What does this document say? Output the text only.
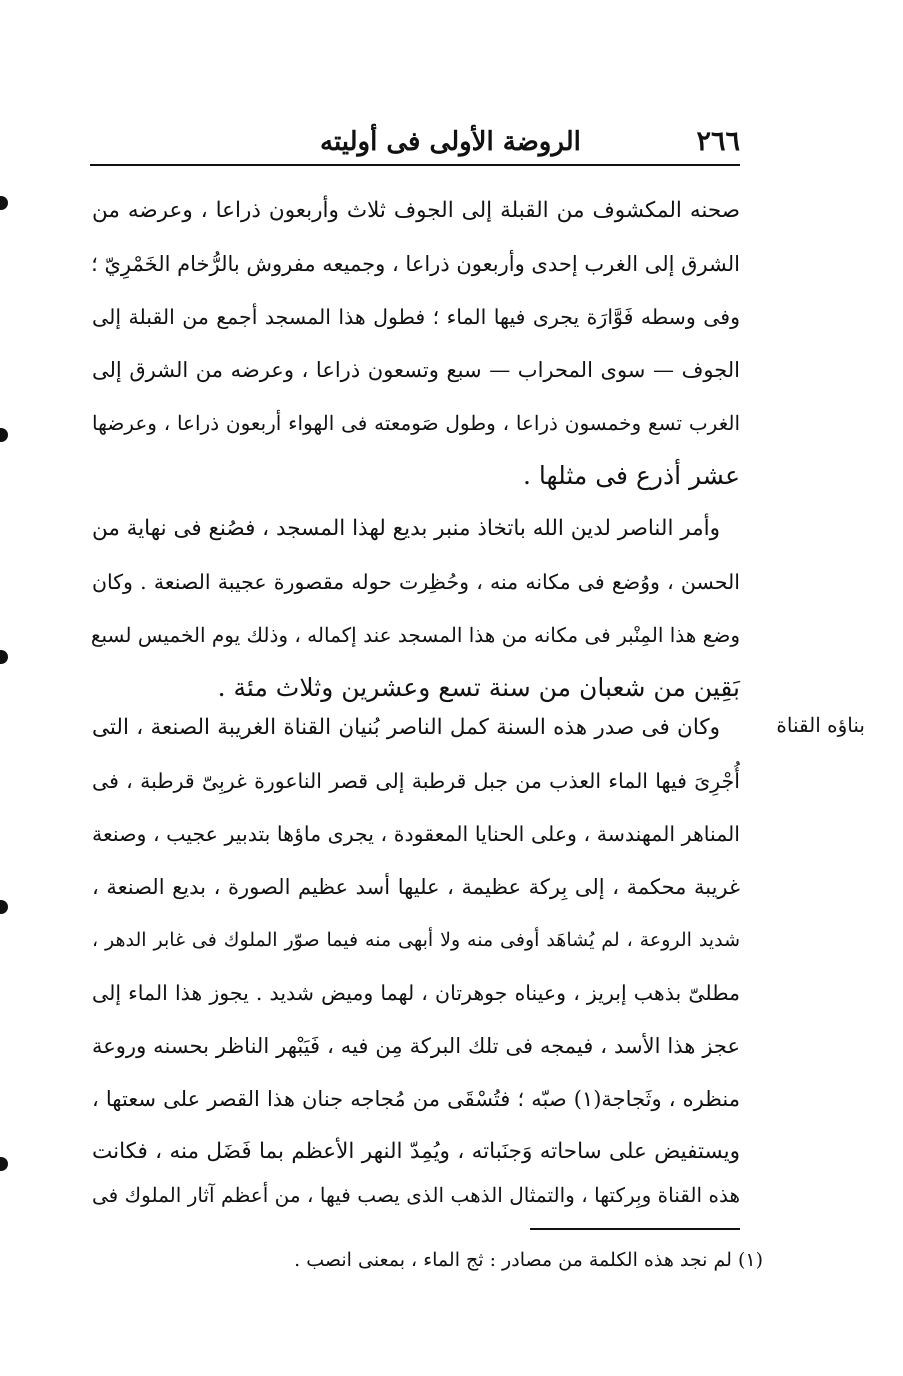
٢٦٦
الروضة الأولى فى أوليته
صحنه المكشوف من القبلة إلى الجوف ثلاث وأربعون ذراعا ، وعرضه من
الشرق إلى الغرب إحدى وأربعون ذراعا ، وجميعه مفروش بالرُّخام الخَمْرِيّ ؛
وفى وسطه فَوَّارَة يجرى فيها الماء ؛ فطول هذا المسجد أجمع من القبلة إلى
الجوف — سوى المحراب — سبع وتسعون ذراعا ، وعرضه من الشرق إلى
الغرب تسع وخمسون ذراعا ، وطول صَومعته فى الهواء أربعون ذراعا ، وعرضها
عشر أذرع فى مثلها .
وأمر الناصر لدين الله باتخاذ منبر بديع لهذا المسجد ، فصُنع فى نهاية من
الحسن ، ووُضع فى مكانه منه ، وحُظِرت حوله مقصورة عجيبة الصنعة . وكان
وضع هذا المِنْبر فى مكانه من هذا المسجد عند إكماله ، وذلك يوم الخميس لسبع
بَقِين من شعبان من سنة تسع وعشرين وثلاث مئة .
بناؤه القناة
وكان فى صدر هذه السنة كمل الناصر بُنيان القناة الغريبة الصنعة ، التى
أُجْرِىَ فيها الماء العذب من جبل قرطبة إلى قصر الناعورة غربِىّ قرطبة ، فى
المناهر المهندسة ، وعلى الحنايا المعقودة ، يجرى ماؤها بتدبير عجيب ، وصنعة
غريبة محكمة ، إلى بِركة عظيمة ، عليها أسد عظيم الصورة ، بديع الصنعة ،
شديد الروعة ، لم يُشاهَد أوفى منه ولا أبهى منه فيما صوّر الملوك فى غابر الدهر ،
مطلىّ بذهب إبريز ، وعيناه جوهرتان ، لهما وميض شديد . يجوز هذا الماء إلى
عجز هذا الأسد ، فيمجه فى تلك البركة مِن فيه ، فَيَبْهر الناظر بحسنه وروعة
منظره ، وثَجاجة(١) صبّه ؛ فتُسْقَى من مُجاجه جنان هذا القصر على سعتها ،
ويستفيض على ساحاته وَجنَباته ، ويُمِدّ النهر الأعظم بما فَضَل منه ، فكانت
هذه القناة وبِركتها ، والتمثال الذهب الذى يصب فيها ، من أعظم آثار الملوك فى
(١) لم نجد هذه الكلمة من مصادر : ثج الماء ، بمعنى انصب .
